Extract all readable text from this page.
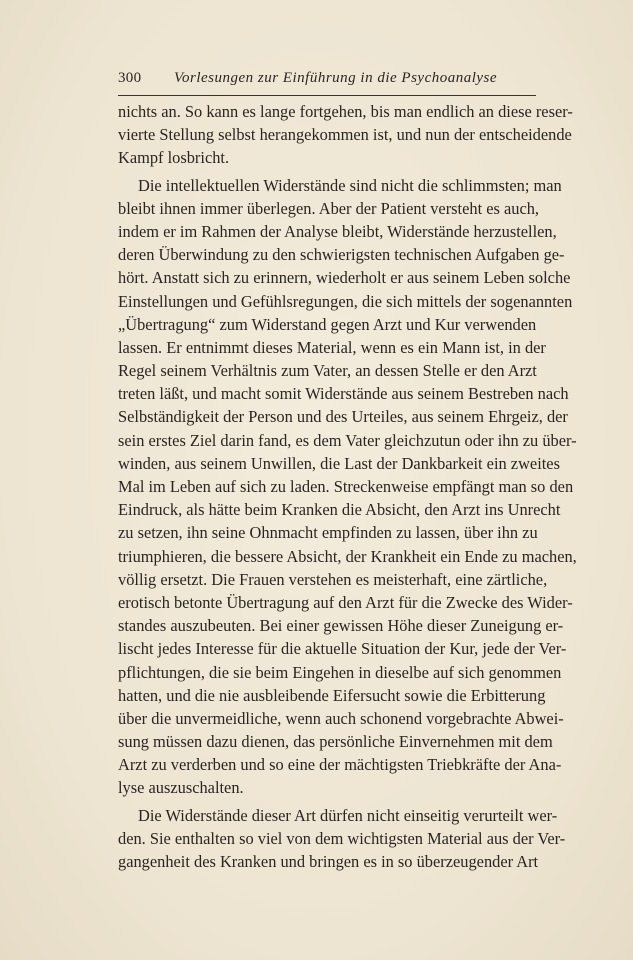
300 Vorlesungen zur Einführung in die Psychoanalyse
nichts an. So kann es lange fortgehen, bis man endlich an diese reser-
vierte Stellung selbst herangekommen ist, und nun der entscheidende
Kampf losbricht.
Die intellektuellen Widerstände sind nicht die schlimmsten; man
bleibt ihnen immer überlegen. Aber der Patient versteht es auch,
indem er im Rahmen der Analyse bleibt, Widerstände herzustellen,
deren Überwindung zu den schwierigsten technischen Aufgaben ge-
hört. Anstatt sich zu erinnern, wiederholt er aus seinem Leben solche
Einstellungen und Gefühlsregungen, die sich mittels der sogenannten
„Übertragung“ zum Widerstand gegen Arzt und Kur verwenden
lassen. Er entnimmt dieses Material, wenn es ein Mann ist, in der
Regel seinem Verhältnis zum Vater, an dessen Stelle er den Arzt
treten läßt, und macht somit Widerstände aus seinem Bestreben nach
Selbständigkeit der Person und des Urteiles, aus seinem Ehrgeiz, der
sein erstes Ziel darin fand, es dem Vater gleichzutun oder ihn zu über-
winden, aus seinem Unwillen, die Last der Dankbarkeit ein zweites
Mal im Leben auf sich zu laden. Streckenweise empfängt man so den
Eindruck, als hätte beim Kranken die Absicht, den Arzt ins Unrecht
zu setzen, ihn seine Ohnmacht empfinden zu lassen, über ihn zu
triumphieren, die bessere Absicht, der Krankheit ein Ende zu machen,
völlig ersetzt. Die Frauen verstehen es meisterhaft, eine zärtliche,
erotisch betonte Übertragung auf den Arzt für die Zwecke des Wider-
standes auszubeuten. Bei einer gewissen Höhe dieser Zuneigung er-
lischt jedes Interesse für die aktuelle Situation der Kur, jede der Ver-
pflichtungen, die sie beim Eingehen in dieselbe auf sich genommen
hatten, und die nie ausbleibende Eifersucht sowie die Erbitterung
über die unvermeidliche, wenn auch schonend vorgebrachte Abwei-
sung müssen dazu dienen, das persönliche Einvernehmen mit dem
Arzt zu verderben und so eine der mächtigsten Triebkräfte der Ana-
lyse auszuschalten.
Die Widerstände dieser Art dürfen nicht einseitig verurteilt wer-
den. Sie enthalten so viel von dem wichtigsten Material aus der Ver-
gangenheit des Kranken und bringen es in so überzeugender Art
